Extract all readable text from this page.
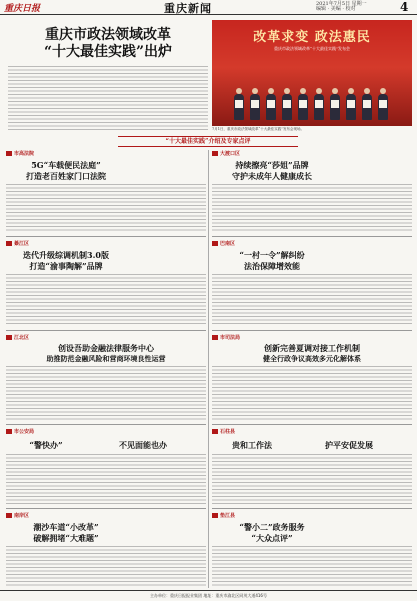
重庆日报	重庆新闻	2021年7月5日 星期一
编辑 · 美编 · 校对	4
重庆市政法领域改革
“十大最佳实践”出炉
改革求变 政法惠民
重庆市政法领域改革“十大最佳实践”发布会
7月1日，重庆市政法领域改革“十大最佳实践”发布会现场。
“十大最佳实践”介绍及专家点评
市高法院
5G“车载便民法庭”
打造老百姓家门口法院
綦江区
迭代升级综调机制3.0版
打造“渝事陶解”品牌
江北区
创设吾助金融法律服务中心
助推防范金融风险和营商环境良性运营
市公安局
“警快办”	不见面能也办
南岸区
潮沙车道“小改革”
破解拥堵“大难题”
大渡口区
持续擦亮“莎姐”品牌
守护未成年人健康成长
巴南区
“一村一令”解纠纷
法治保障增效能
市司法局
创新完善夏调对接工作机制
健全行政争议高效多元化解体系
石柱县
贵和工作法	护平安促发展
垫江县
“警小二”政务服务
“大众点评”
主办单位：重庆日报报业集团 地址：重庆市渝北区同茂大道416号
